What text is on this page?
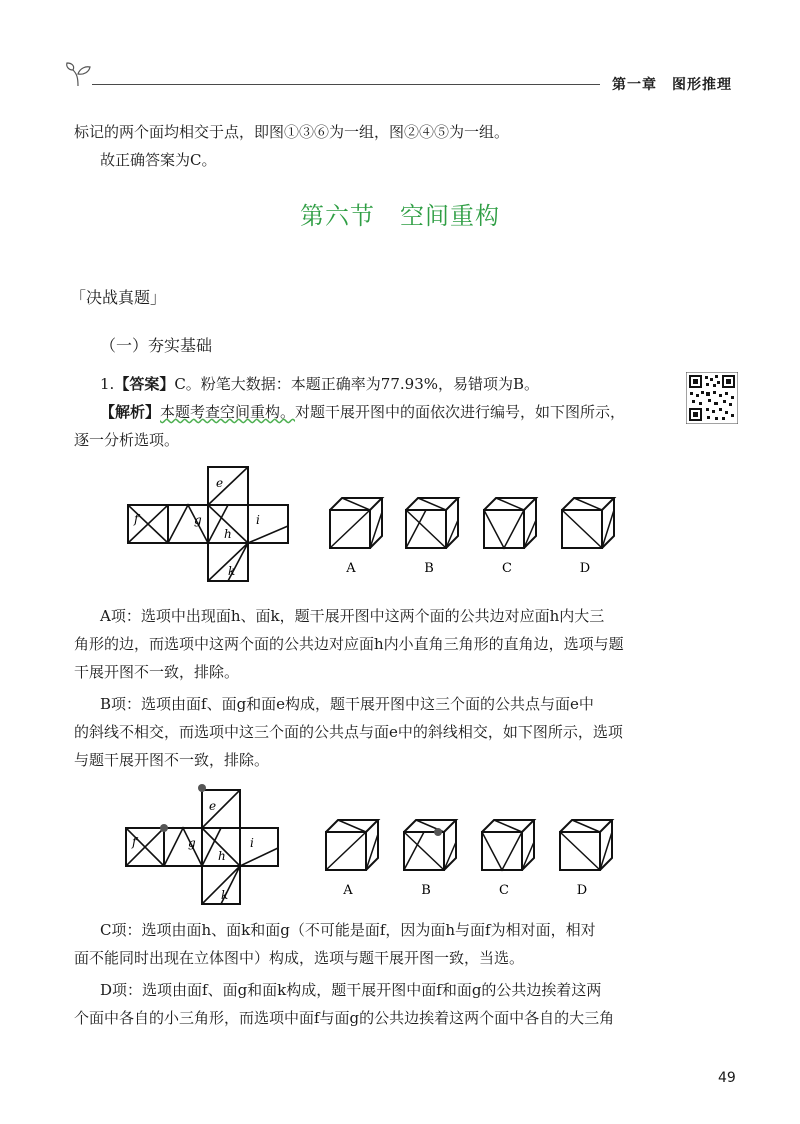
第一章　图形推理
标记的两个面均相交于点，即图①③⑥为一组，图②④⑤为一组。
故正确答案为C。
第六节　空间重构
「决战真题」
（一）夯实基础
1.【答案】C。粉笔大数据：本题正确率为77.93%，易错项为B。
【解析】本题考查空间重构。对题干展开图中的面依次进行编号，如下图所示，
逐一分析选项。
e
f	g
h
i
k	A	B	C	D
A项：选项中出现面h、面k，题干展开图中这两个面的公共边对应面h内大三
角形的边，而选项中这两个面的公共边对应面h内小直角三角形的直角边，选项与题
干展开图不一致，排除。
B项：选项由面f、面g和面e构成，题干展开图中这三个面的公共点与面e中
的斜线不相交，而选项中这三个面的公共点与面e中的斜线相交，如下图所示，选项
与题干展开图不一致，排除。
e
f	g
h
i
k	A	B	C	D
C项：选项由面h、面k和面g（不可能是面f，因为面h与面f为相对面，相对
面不能同时出现在立体图中）构成，选项与题干展开图一致，当选。
D项：选项由面f、面g和面k构成，题干展开图中面f和面g的公共边挨着这两
个面中各自的小三角形，而选项中面f与面g的公共边挨着这两个面中各自的大三角
49
